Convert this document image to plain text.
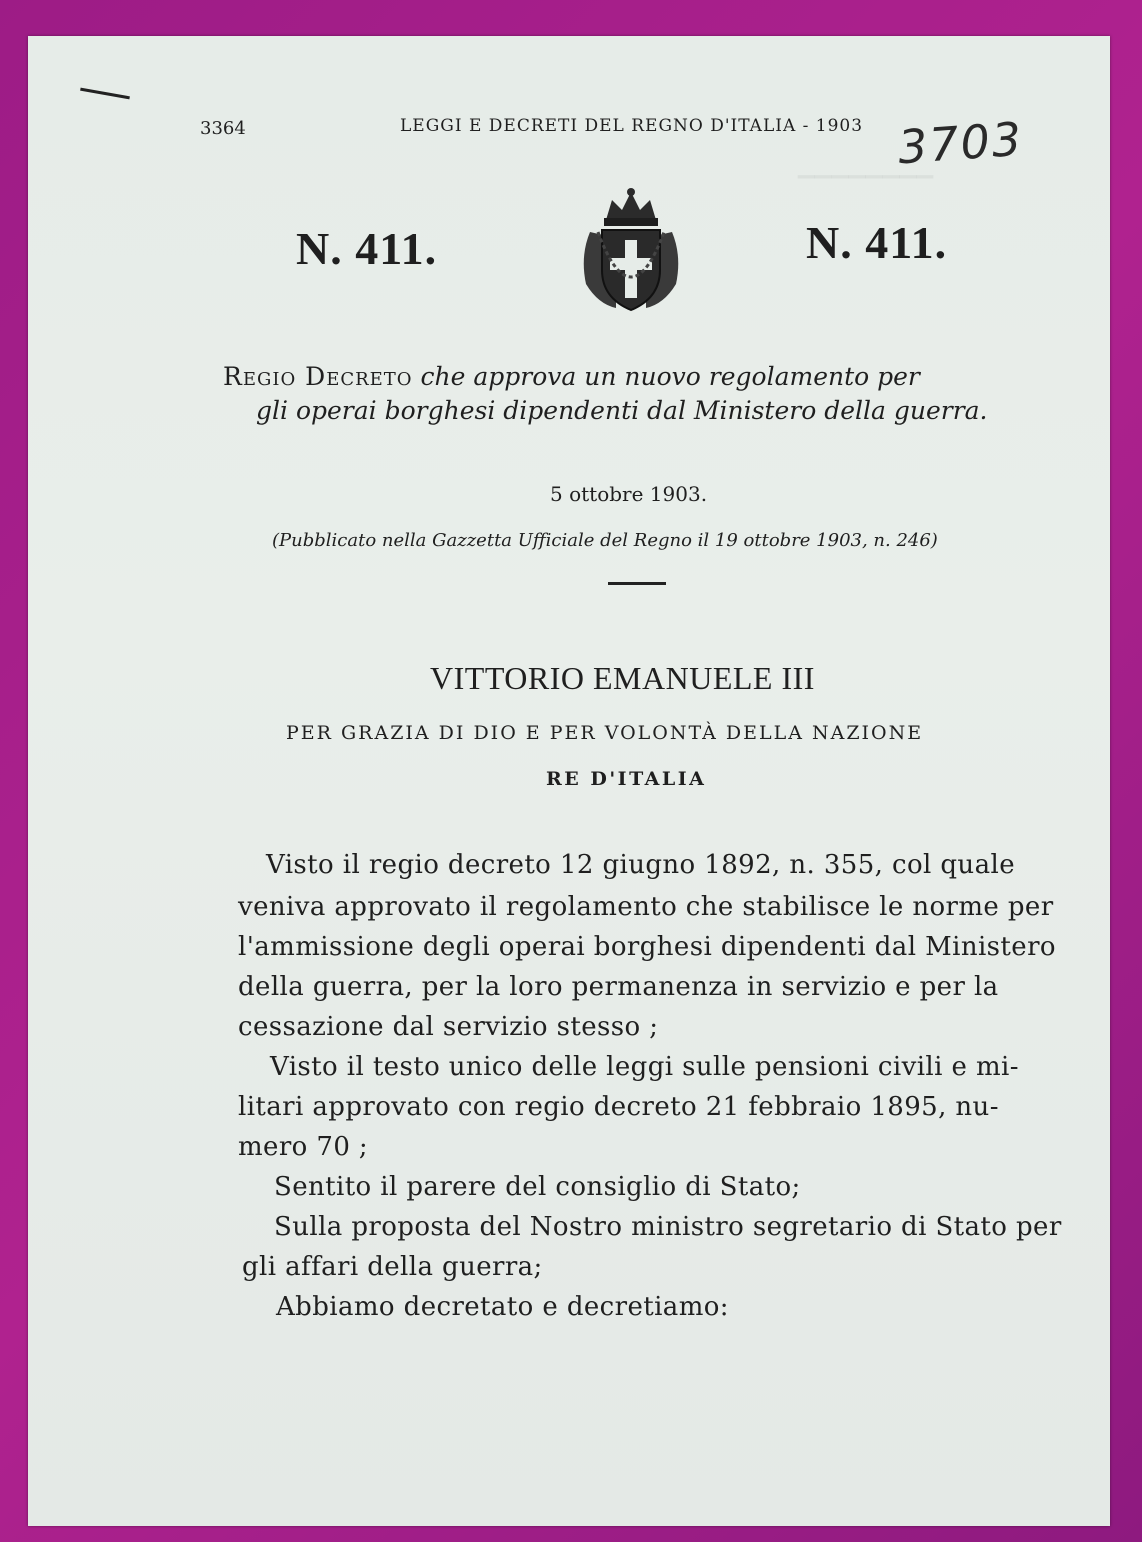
▁▁▁▁▁▁▁▁
3364	LEGGI E DECRETI DEL REGNO D'ITALIA - 1903 3703
N. 411.	N. 411.
Regio Decreto che approva un nuovo regolamento per
gli operai borghesi dipendenti dal Ministero della guerra.
5 ottobre 1903.
(Pubblicato nella Gazzetta Ufficiale del Regno il 19 ottobre 1903, n. 246)
VITTORIO EMANUELE III
PER GRAZIA DI DIO E PER VOLONTÀ DELLA NAZIONE
RE D'ITALIA
Visto il regio decreto 12 giugno 1892, n. 355, col quale
veniva approvato il regolamento che stabilisce le norme per
l'ammissione degli operai borghesi dipendenti dal Ministero
della guerra, per la loro permanenza in servizio e per la
cessazione dal servizio stesso ;
Visto il testo unico delle leggi sulle pensioni civili e mi-
litari approvato con regio decreto 21 febbraio 1895, nu-
mero 70 ;
Sentito il parere del consiglio di Stato;
Sulla proposta del Nostro ministro segretario di Stato per
gli affari della guerra;
Abbiamo decretato e decretiamo:
